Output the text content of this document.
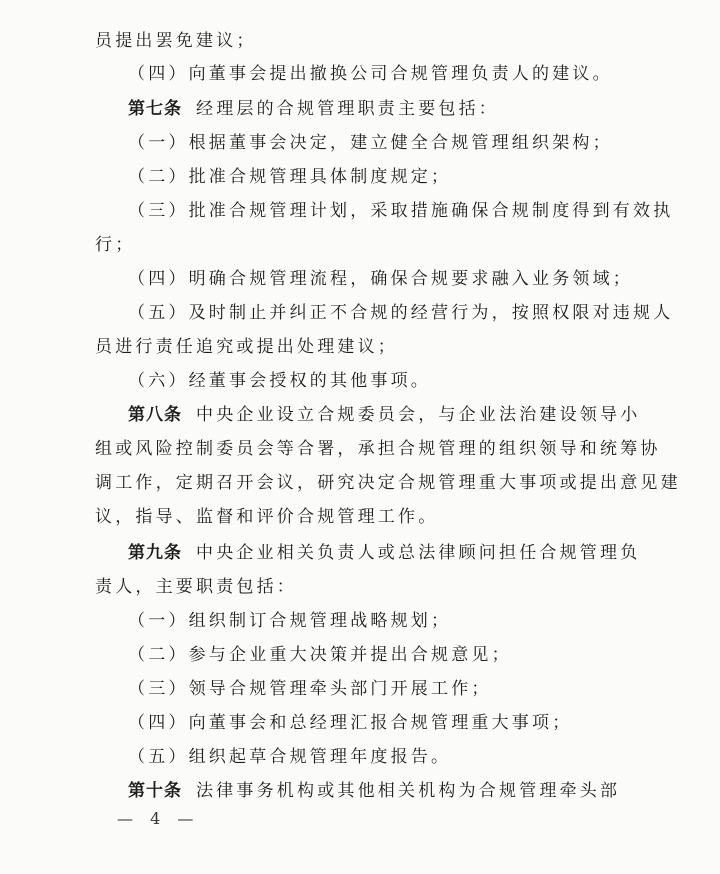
员提出罢免建议；
（四）向董事会提出撤换公司合规管理负责人的建议。
第七条 经理层的合规管理职责主要包括：
（一）根据董事会决定，建立健全合规管理组织架构；
（二）批准合规管理具体制度规定；
（三）批准合规管理计划，采取措施确保合规制度得到有效执
行；
（四）明确合规管理流程，确保合规要求融入业务领域；
（五）及时制止并纠正不合规的经营行为，按照权限对违规人
员进行责任追究或提出处理建议；
（六）经董事会授权的其他事项。
第八条 中央企业设立合规委员会，与企业法治建设领导小
组或风险控制委员会等合署，承担合规管理的组织领导和统筹协
调工作，定期召开会议，研究决定合规管理重大事项或提出意见建
议，指导、监督和评价合规管理工作。
第九条 中央企业相关负责人或总法律顾问担任合规管理负
责人，主要职责包括：
（一）组织制订合规管理战略规划；
（二）参与企业重大决策并提出合规意见；
（三）领导合规管理牵头部门开展工作；
（四）向董事会和总经理汇报合规管理重大事项；
（五）组织起草合规管理年度报告。
第十条 法律事务机构或其他相关机构为合规管理牵头部
— 4 —
